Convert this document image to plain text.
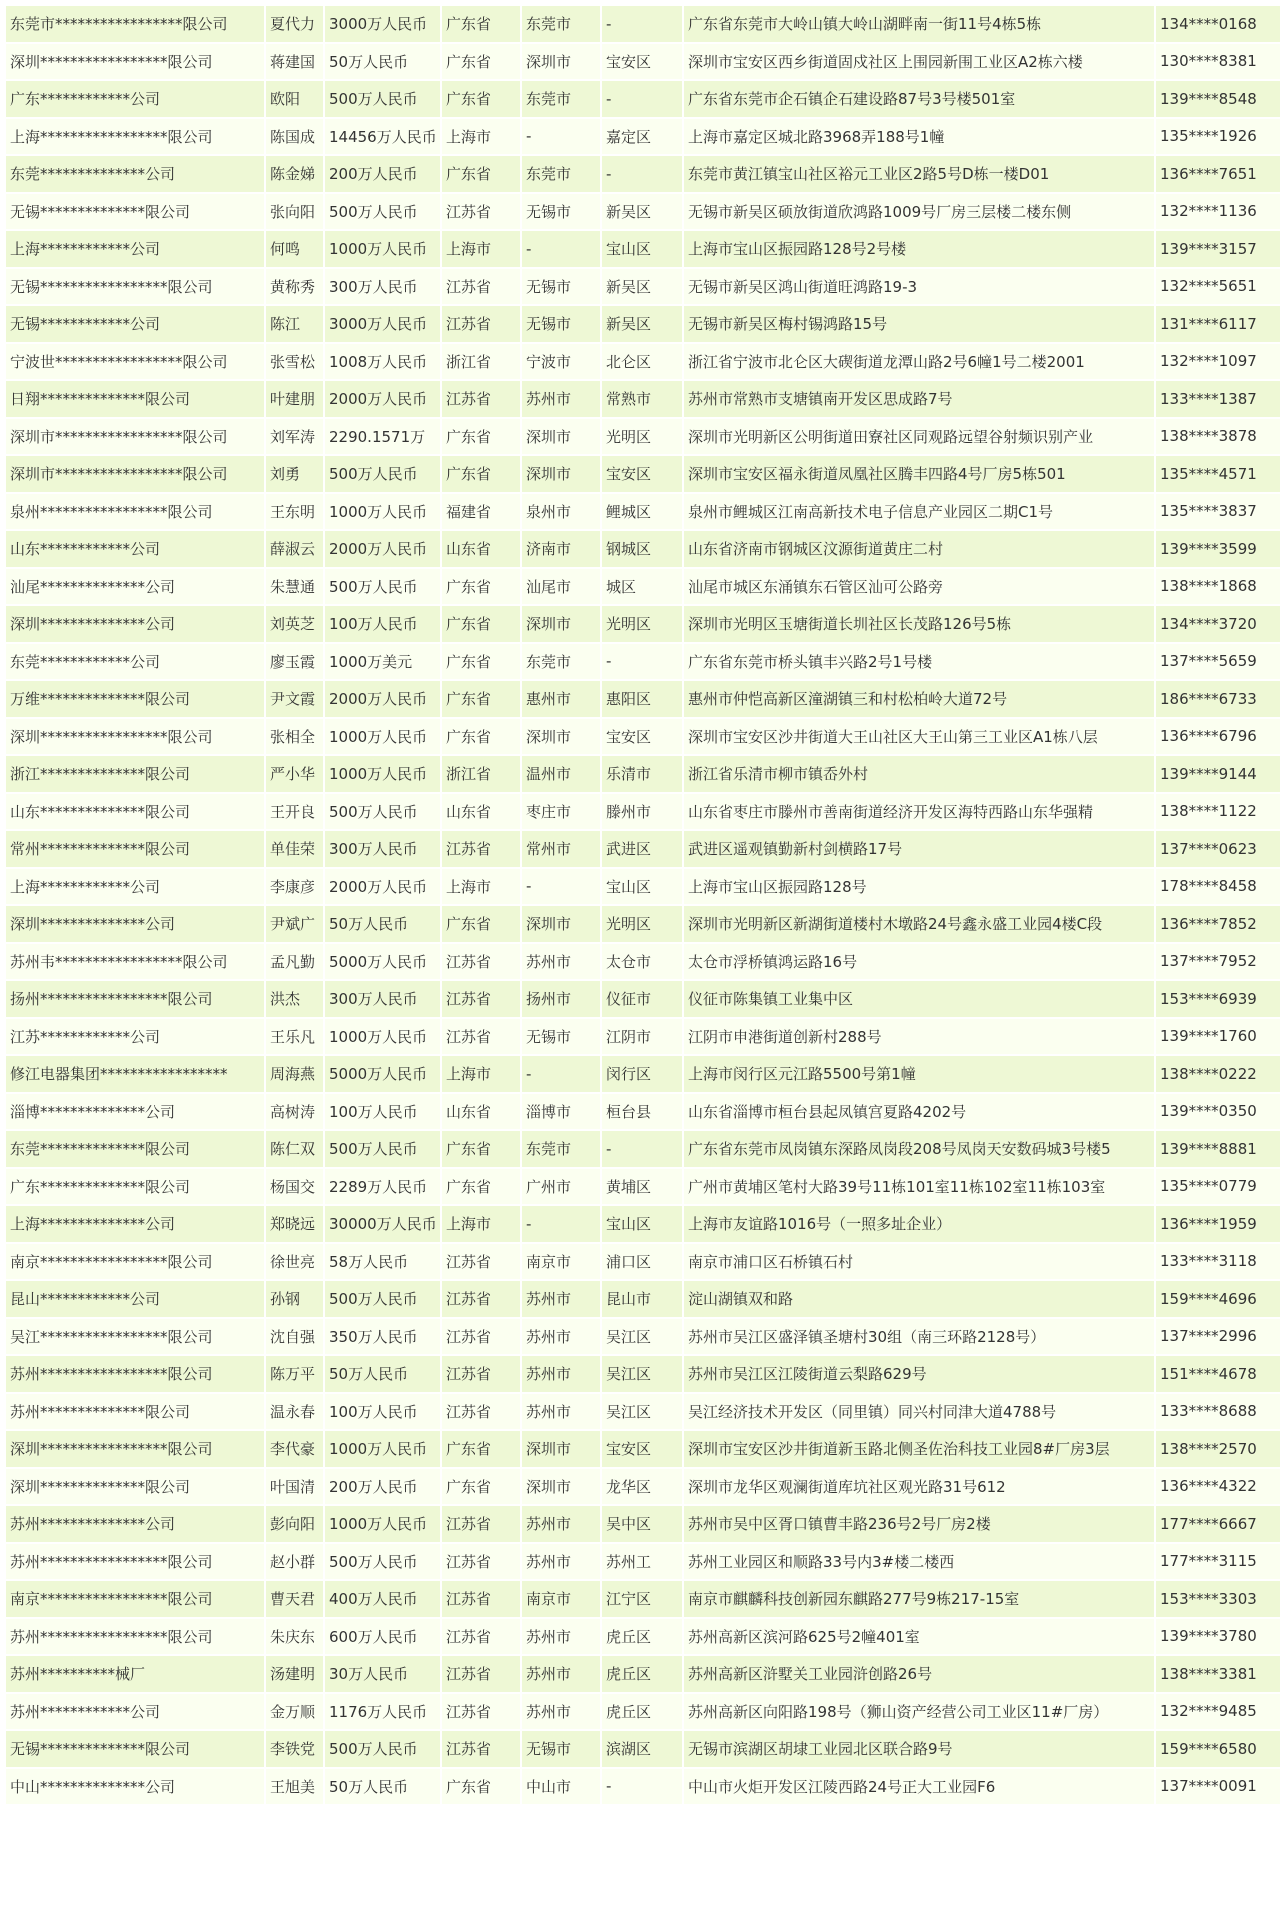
东莞市*****************限公司	夏代力	3000万人民币	广东省	东莞市	-	广东省东莞市大岭山镇大岭山湖畔南一街11号4栋5栋	134****0168
深圳*****************限公司	蒋建国	50万人民币	广东省	深圳市	宝安区	深圳市宝安区西乡街道固戍社区上围园新围工业区A2栋六楼	130****8381
广东************公司	欧阳	500万人民币	广东省	东莞市	-	广东省东莞市企石镇企石建设路87号3号楼501室	139****8548
上海*****************限公司	陈国成	14456万人民币	上海市	-	嘉定区	上海市嘉定区城北路3968弄188号1幢	135****1926
东莞**************公司	陈金娣	200万人民币	广东省	东莞市	-	东莞市黄江镇宝山社区裕元工业区2路5号D栋一楼D01	136****7651
无锡**************限公司	张向阳	500万人民币	江苏省	无锡市	新吴区	无锡市新吴区硕放街道欣鸿路1009号厂房三层楼二楼东侧	132****1136
上海************公司	何鸣	1000万人民币	上海市	-	宝山区	上海市宝山区振园路128号2号楼	139****3157
无锡*****************限公司	黄称秀	300万人民币	江苏省	无锡市	新吴区	无锡市新吴区鸿山街道旺鸿路19-3	132****5651
无锡************公司	陈江	3000万人民币	江苏省	无锡市	新吴区	无锡市新吴区梅村锡鸿路15号	131****6117
宁波世*****************限公司	张雪松	1008万人民币	浙江省	宁波市	北仑区	浙江省宁波市北仑区大碶街道龙潭山路2号6幢1号二楼2001	132****1097
日翔**************限公司	叶建朋	2000万人民币	江苏省	苏州市	常熟市	苏州市常熟市支塘镇南开发区思成路7号	133****1387
深圳市*****************限公司	刘军涛	2290.1571万	广东省	深圳市	光明区	深圳市光明新区公明街道田寮社区同观路远望谷射频识别产业	138****3878
深圳市*****************限公司	刘勇	500万人民币	广东省	深圳市	宝安区	深圳市宝安区福永街道凤凰社区腾丰四路4号厂房5栋501	135****4571
泉州*****************限公司	王东明	1000万人民币	福建省	泉州市	鲤城区	泉州市鲤城区江南高新技术电子信息产业园区二期C1号	135****3837
山东************公司	薛淑云	2000万人民币	山东省	济南市	钢城区	山东省济南市钢城区汶源街道黄庄二村	139****3599
汕尾**************公司	朱慧通	500万人民币	广东省	汕尾市	城区	汕尾市城区东涌镇东石管区汕可公路旁	138****1868
深圳**************公司	刘英芝	100万人民币	广东省	深圳市	光明区	深圳市光明区玉塘街道长圳社区长茂路126号5栋	134****3720
东莞************公司	廖玉霞	1000万美元	广东省	东莞市	-	广东省东莞市桥头镇丰兴路2号1号楼	137****5659
万维**************限公司	尹文霞	2000万人民币	广东省	惠州市	惠阳区	惠州市仲恺高新区潼湖镇三和村松柏岭大道72号	186****6733
深圳*****************限公司	张相全	1000万人民币	广东省	深圳市	宝安区	深圳市宝安区沙井街道大王山社区大王山第三工业区A1栋八层	136****6796
浙江**************限公司	严小华	1000万人民币	浙江省	温州市	乐清市	浙江省乐清市柳市镇岙外村	139****9144
山东**************限公司	王开良	500万人民币	山东省	枣庄市	滕州市	山东省枣庄市滕州市善南街道经济开发区海特西路山东华强精	138****1122
常州**************限公司	单佳荣	300万人民币	江苏省	常州市	武进区	武进区遥观镇勤新村剑横路17号	137****0623
上海************公司	李康彦	2000万人民币	上海市	-	宝山区	上海市宝山区振园路128号	178****8458
深圳**************公司	尹斌广	50万人民币	广东省	深圳市	光明区	深圳市光明新区新湖街道楼村木墩路24号鑫永盛工业园4楼C段	136****7852
苏州韦*****************限公司	孟凡勤	5000万人民币	江苏省	苏州市	太仓市	太仓市浮桥镇鸿运路16号	137****7952
扬州*****************限公司	洪杰	300万人民币	江苏省	扬州市	仪征市	仪征市陈集镇工业集中区	153****6939
江苏************公司	王乐凡	1000万人民币	江苏省	无锡市	江阴市	江阴市申港街道创新村288号	139****1760
修江电器集团*****************	周海燕	5000万人民币	上海市	-	闵行区	上海市闵行区元江路5500号第1幢	138****0222
淄博**************公司	高树涛	100万人民币	山东省	淄博市	桓台县	山东省淄博市桓台县起凤镇宫夏路4202号	139****0350
东莞**************限公司	陈仁双	500万人民币	广东省	东莞市	-	广东省东莞市凤岗镇东深路凤岗段208号凤岗天安数码城3号楼5	139****8881
广东**************限公司	杨国交	2289万人民币	广东省	广州市	黄埔区	广州市黄埔区笔村大路39号11栋101室11栋102室11栋103室	135****0779
上海**************公司	郑晓远	30000万人民币	上海市	-	宝山区	上海市友谊路1016号（一照多址企业）	136****1959
南京*****************限公司	徐世亮	58万人民币	江苏省	南京市	浦口区	南京市浦口区石桥镇石村	133****3118
昆山************公司	孙钢	500万人民币	江苏省	苏州市	昆山市	淀山湖镇双和路	159****4696
吴江*****************限公司	沈自强	350万人民币	江苏省	苏州市	吴江区	苏州市吴江区盛泽镇圣塘村30组（南三环路2128号）	137****2996
苏州*****************限公司	陈万平	50万人民币	江苏省	苏州市	吴江区	苏州市吴江区江陵街道云梨路629号	151****4678
苏州**************限公司	温永春	100万人民币	江苏省	苏州市	吴江区	吴江经济技术开发区（同里镇）同兴村同津大道4788号	133****8688
深圳*****************限公司	李代豪	1000万人民币	广东省	深圳市	宝安区	深圳市宝安区沙井街道新玉路北侧圣佐治科技工业园8#厂房3层	138****2570
深圳**************限公司	叶国清	200万人民币	广东省	深圳市	龙华区	深圳市龙华区观澜街道库坑社区观光路31号612	136****4322
苏州**************公司	彭向阳	1000万人民币	江苏省	苏州市	吴中区	苏州市吴中区胥口镇曹丰路236号2号厂房2楼	177****6667
苏州*****************限公司	赵小群	500万人民币	江苏省	苏州市	苏州工	苏州工业园区和顺路33号内3#楼二楼西	177****3115
南京*****************限公司	曹天君	400万人民币	江苏省	南京市	江宁区	南京市麒麟科技创新园东麒路277号9栋217-15室	153****3303
苏州*****************限公司	朱庆东	600万人民币	江苏省	苏州市	虎丘区	苏州高新区滨河路625号2幢401室	139****3780
苏州**********械厂	汤建明	30万人民币	江苏省	苏州市	虎丘区	苏州高新区浒墅关工业园浒创路26号	138****3381
苏州************公司	金万顺	1176万人民币	江苏省	苏州市	虎丘区	苏州高新区向阳路198号（狮山资产经营公司工业区11#厂房）	132****9485
无锡**************限公司	李铁党	500万人民币	江苏省	无锡市	滨湖区	无锡市滨湖区胡埭工业园北区联合路9号	159****6580
中山**************公司	王旭美	50万人民币	广东省	中山市	-	中山市火炬开发区江陵西路24号正大工业园F6	137****0091
